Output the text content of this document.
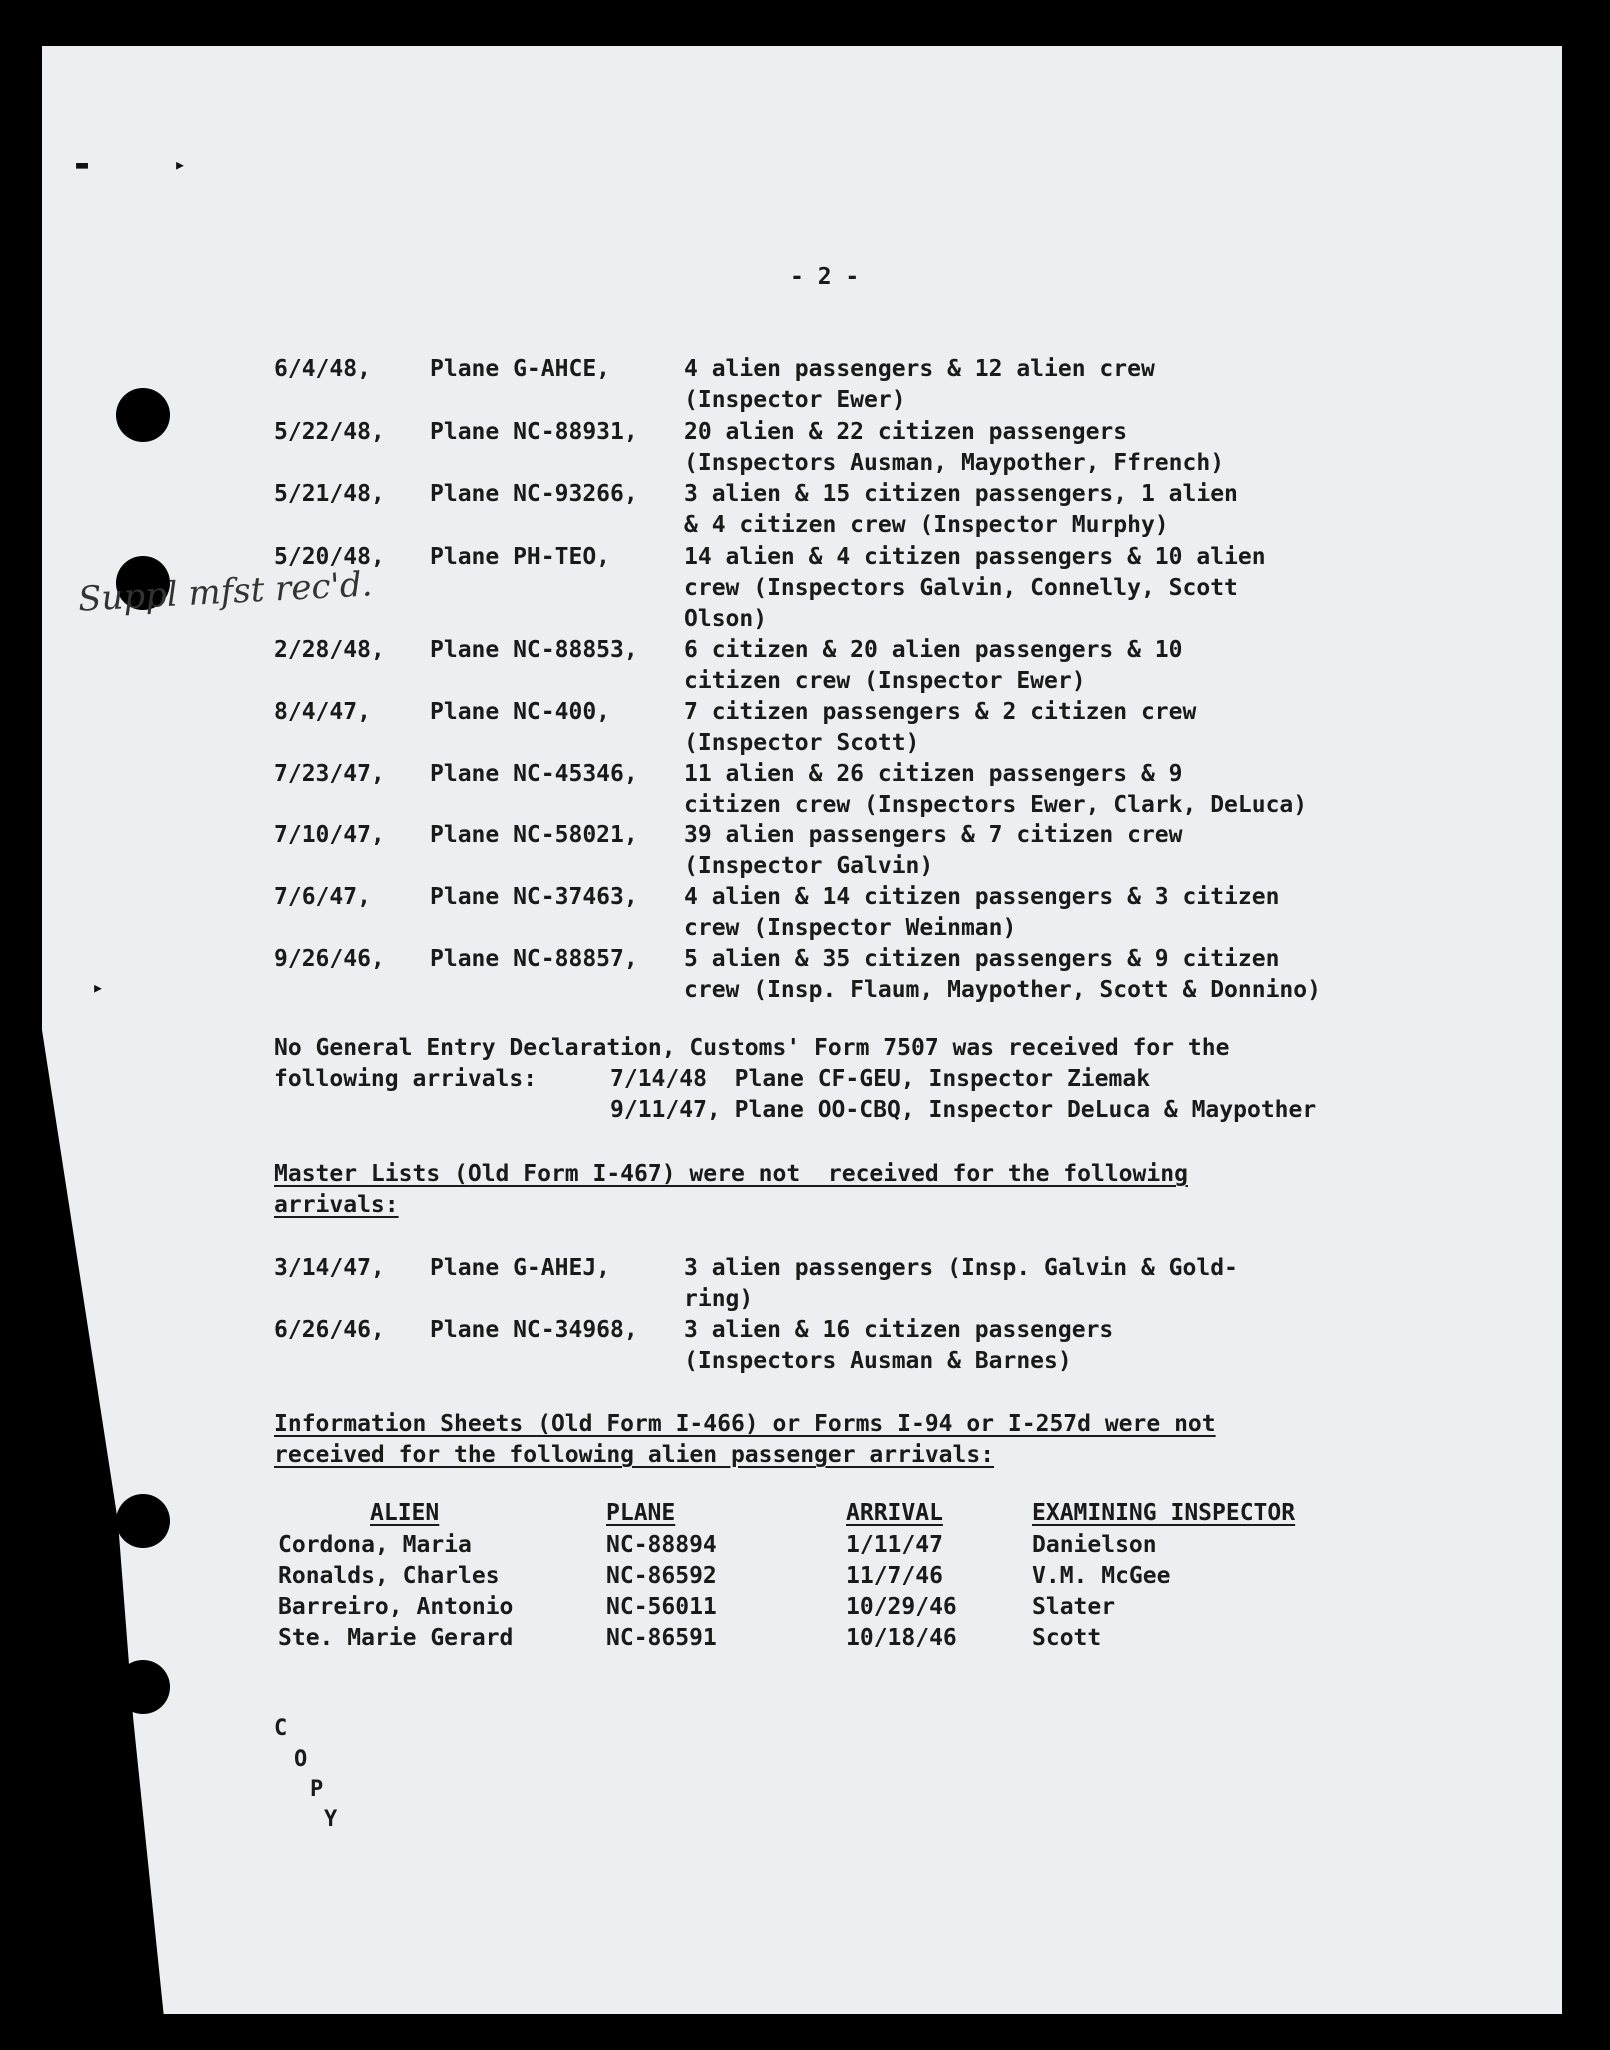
▬	▸
▸
- 2 -
6/4/48,	Plane G-AHCE,	4 alien passengers & 12 alien crew
(Inspector Ewer)
5/22/48, Plane NC-88931, 20 alien & 22 citizen passengers
(Inspectors Ausman, Maypother, Ffrench)
5/21/48, Plane NC-93266, 3 alien & 15 citizen passengers, 1 alien
& 4 citizen crew (Inspector Murphy)
5/20/48, Plane PH-TEO,	14 alien & 4 citizen passengers & 10 alien
crew (Inspectors Galvin, Connelly, Scott
Olson)
2/28/48, Plane NC-88853, 6 citizen & 20 alien passengers & 10
citizen crew (Inspector Ewer)
8/4/47,	Plane NC-400,	7 citizen passengers & 2 citizen crew
(Inspector Scott)
7/23/47, Plane NC-45346, 11 alien & 26 citizen passengers & 9
citizen crew (Inspectors Ewer, Clark, DeLuca)
7/10/47, Plane NC-58021, 39 alien passengers & 7 citizen crew
(Inspector Galvin)
7/6/47,	Plane NC-37463, 4 alien & 14 citizen passengers & 3 citizen
crew (Inspector Weinman)
9/26/46, Plane NC-88857, 5 alien & 35 citizen passengers & 9 citizen
crew (Insp. Flaum, Maypother, Scott & Donnino)
Suppl mfst rec'd.
No General Entry Declaration, Customs' Form 7507 was received for the
following arrivals:	7/14/48  Plane CF-GEU, Inspector Ziemak
9/11/47, Plane OO-CBQ, Inspector DeLuca & Maypother
Master Lists (Old Form I-467) were not  received for the following
arrivals:
3/14/47, Plane G-AHEJ,	3 alien passengers (Insp. Galvin & Gold-
ring)
6/26/46, Plane NC-34968, 3 alien & 16 citizen passengers
(Inspectors Ausman & Barnes)
Information Sheets (Old Form I-466) or Forms I-94 or I-257d were not
received for the following alien passenger arrivals:
ALIEN	PLANE	ARRIVAL	EXAMINING INSPECTOR
Cordona, Maria	NC-88894	1/11/47	Danielson
Ronalds, Charles	NC-86592	11/7/46	V.M. McGee
Barreiro, Antonio	NC-56011	10/29/46	Slater
Ste. Marie Gerard	NC-86591	10/18/46	Scott
C
O
P
Y
